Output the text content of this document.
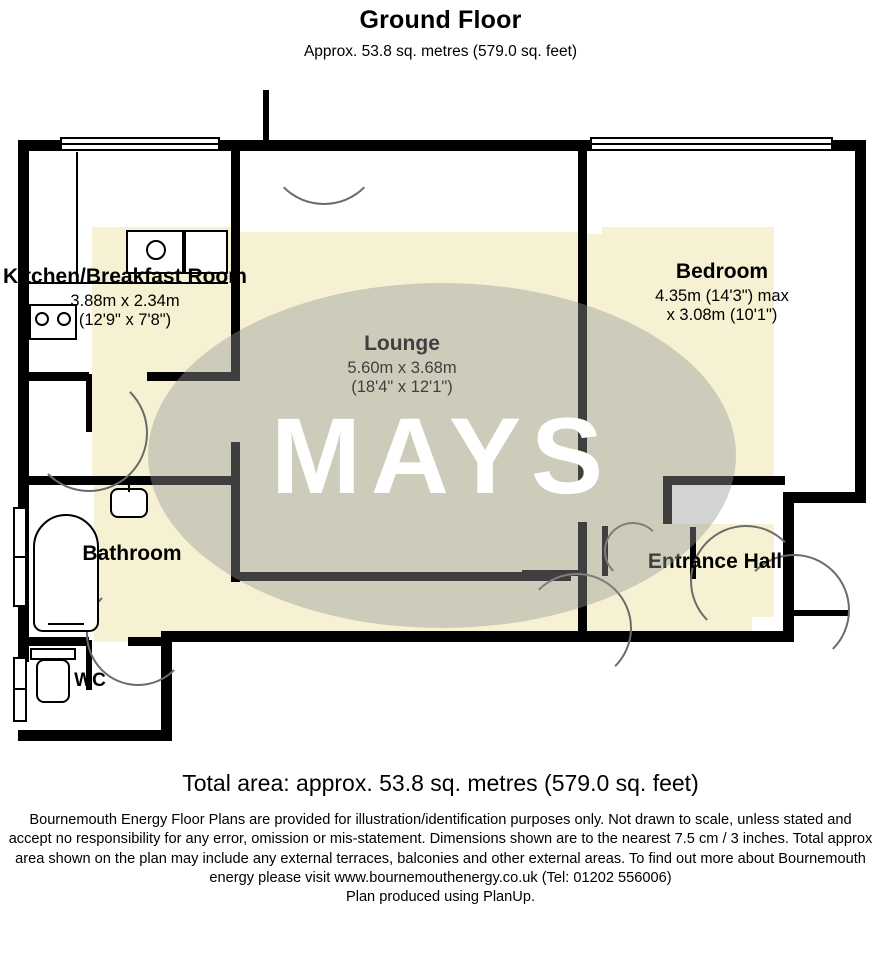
Ground Floor
Approx. 53.8 sq. metres (579.0 sq. feet)
Kitchen/Breakfast Room
3.88m x 2.34m
(12'9" x 7'8")
Lounge
5.60m x 3.68m
(18'4" x 12'1")
Bedroom
4.35m (14'3") max
x 3.08m (10'1")
Bathroom
WC
Entrance Hall
MAYS
Total area: approx. 53.8 sq. metres (579.0 sq. feet)
Bournemouth Energy Floor Plans are provided for illustration/identification purposes only. Not drawn to scale, unless stated and accept no responsibility for any error, omission or mis-statement. Dimensions shown are to the nearest 7.5 cm / 3 inches. Total approx area shown on the plan may include any external terraces, balconies and other external areas. To find out more about Bournemouth energy please visit www.bournemouthenergy.co.uk (Tel: 01202 556006)
Plan produced using PlanUp.
